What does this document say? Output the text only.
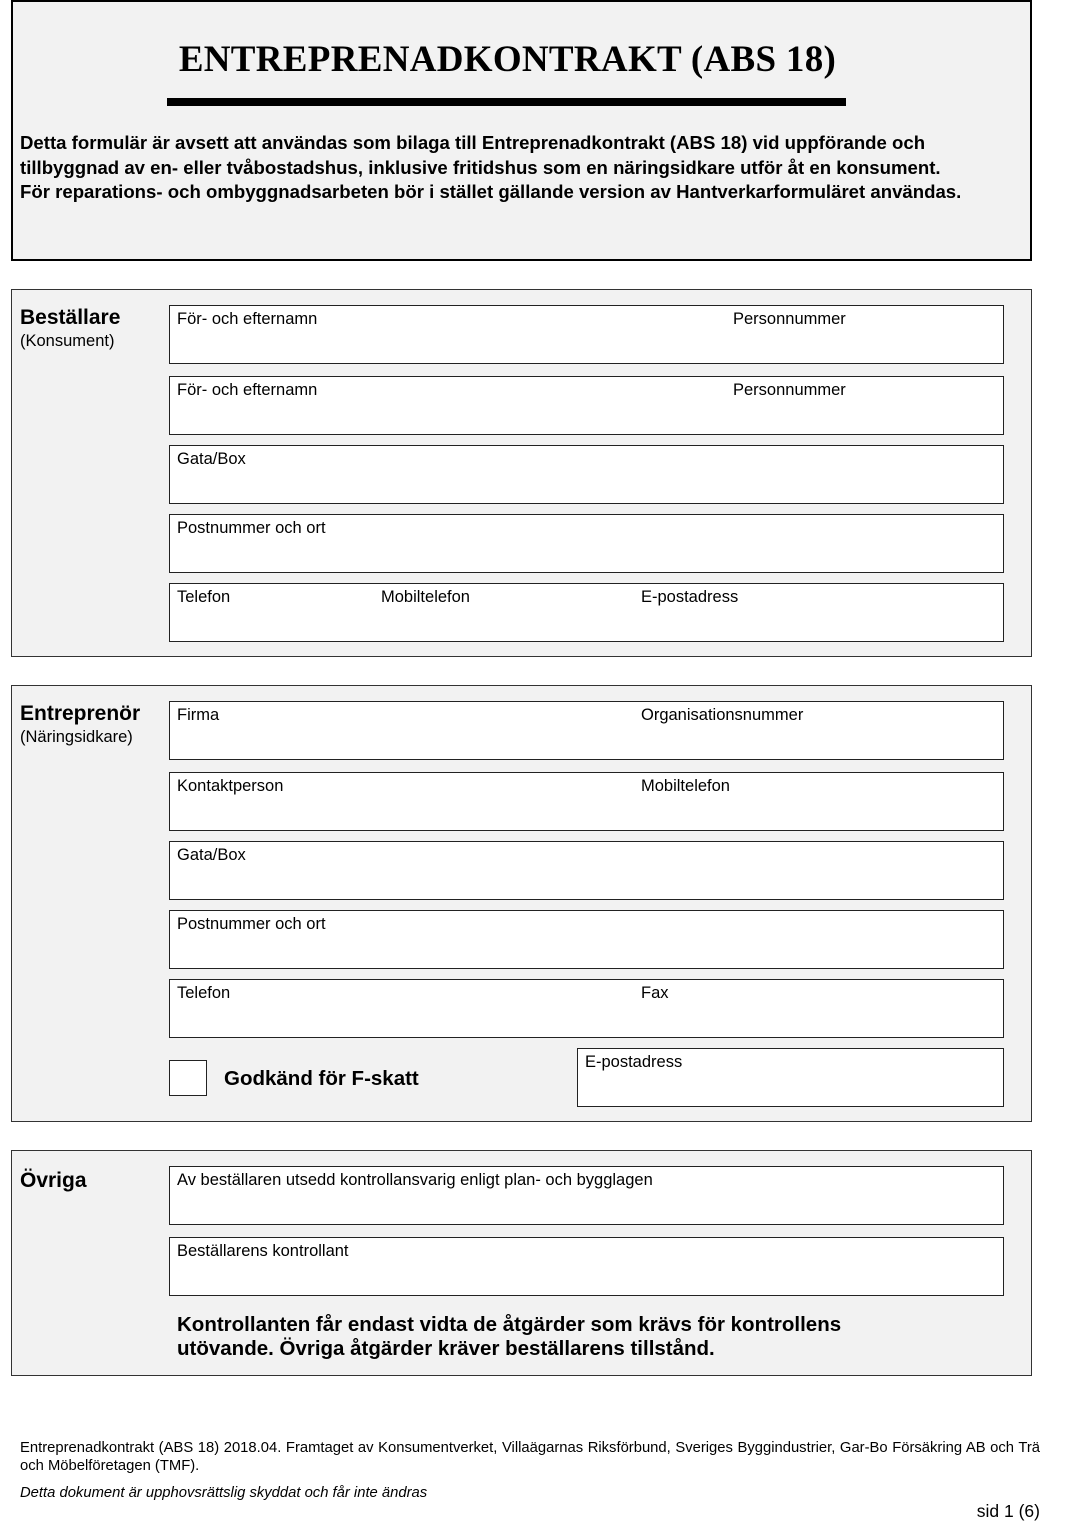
ENTREPRENADKONTRAKT (ABS 18)
Detta formulär är avsett att användas som bilaga till Entreprenadkontrakt (ABS 18) vid uppförande och
tillbyggnad av en- eller tvåbostadshus, inklusive fritidshus som en näringsidkare utför åt en konsument.
För reparations- och ombyggnadsarbeten bör i stället gällande version av Hantverkarformuläret användas.
Beställare
(Konsument)
För- och efternamn	Personnummer
För- och efternamn	Personnummer
Gata/Box
Postnummer och ort
Telefon	Mobiltelefon	E-postadress
Entreprenör
(Näringsidkare)
Firma	Organisationsnummer
Kontaktperson	Mobiltelefon
Gata/Box
Postnummer och ort
Telefon	Fax
Godkänd för F-skatt
E-postadress
Övriga	Av beställaren utsedd kontrollansvarig enligt plan- och bygglagen
Beställarens kontrollant
Kontrollanten får endast vidta de åtgärder som krävs för kontrollens
utövande. Övriga åtgärder kräver beställarens tillstånd.
Entreprenadkontrakt (ABS 18) 2018.04. Framtaget av Konsumentverket, Villaägarnas Riksförbund, Sveriges Byggindustrier, Gar-Bo Försäkring AB och Trä och Möbelföretagen (TMF).
Detta dokument är upphovsrättslig skyddat och får inte ändras
sid 1 (6)
